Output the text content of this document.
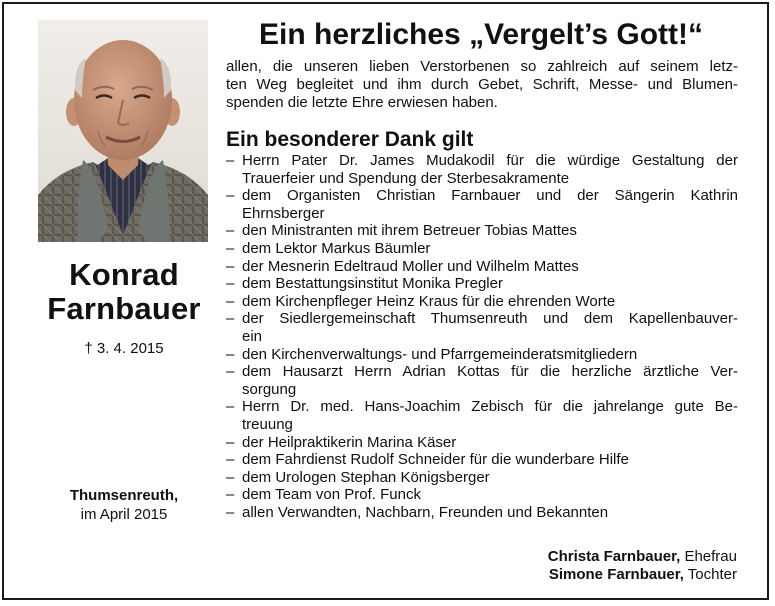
Konrad
Farnbauer
† 3. 4. 2015
Thumsenreuth,
im April 2015
Ein herzliches „Vergelt’s Gott!“
allen, die unseren lieben Verstorbenen so zahlreich auf seinem letz-
ten Weg begleitet und ihm durch Gebet, Schrift, Messe- und Blumen-
spenden die letzte Ehre erwiesen haben.
Ein besonderer Dank gilt
– Herrn Pater Dr. James Mudakodil für die würdige Gestaltung der
Trauerfeier und Spendung der Sterbesakramente
– dem Organisten Christian Farnbauer und der Sängerin Kathrin
Ehrnsberger
– den Ministranten mit ihrem Betreuer Tobias Mattes
– dem Lektor Markus Bäumler
– der Mesnerin Edeltraud Moller und Wilhelm Mattes
– dem Bestattungsinstitut Monika Pregler
– dem Kirchenpfleger Heinz Kraus für die ehrenden Worte
– der Siedlergemeinschaft Thumsenreuth und dem Kapellenbauver-
ein
– den Kirchenverwaltungs- und Pfarrgemeinderatsmitgliedern
– dem Hausarzt Herrn Adrian Kottas für die herzliche ärztliche Ver-
sorgung
– Herrn Dr. med. Hans-Joachim Zebisch für die jahrelange gute Be-
treuung
– der Heilpraktikerin Marina Käser
– dem Fahrdienst Rudolf Schneider für die wunderbare Hilfe
– dem Urologen Stephan Königsberger
– dem Team von Prof. Funck
– allen Verwandten, Nachbarn, Freunden und Bekannten
Christa Farnbauer, Ehefrau
Simone Farnbauer, Tochter
